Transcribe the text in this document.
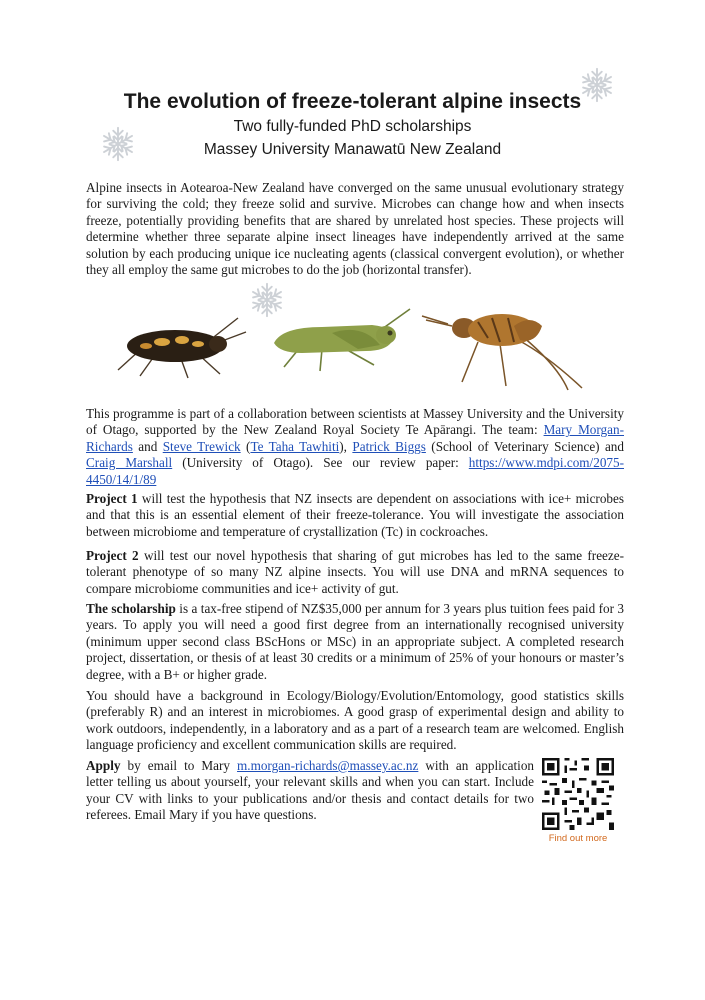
The evolution of freeze-tolerant alpine insects
Two fully-funded PhD scholarships
Massey University Manawatū New Zealand

Alpine insects in Aotearoa-New Zealand have converged on the same unusual evolutionary strategy for surviving the cold; they freeze solid and survive. Microbes can change how and when insects freeze, potentially providing benefits that are shared by unrelated host species. These projects will determine whether three separate alpine insect lineages have independently arrived at the same solution by each producing unique ice nucleating agents (classical convergent evolution), or whether they all employ the same gut microbes to do the job (horizontal transfer).

This programme is part of a collaboration between scientists at Massey University and the University of Otago, supported by the New Zealand Royal Society Te Apārangi. The team: Mary Morgan-Richards and Steve Trewick (Te Taha Tawhiti), Patrick Biggs (School of Veterinary Science) and Craig Marshall (University of Otago). See our review paper: https://www.mdpi.com/2075-4450/14/1/89

Project 1 will test the hypothesis that NZ insects are dependent on associations with ice+ microbes and that this is an essential element of their freeze-tolerance. You will investigate the association between microbiome and temperature of crystallization (Tc) in cockroaches.

Project 2 will test our novel hypothesis that sharing of gut microbes has led to the same freeze-tolerant phenotype of so many NZ alpine insects. You will use DNA and mRNA sequences to compare microbiome communities and ice+ activity of gut.

The scholarship is a tax-free stipend of NZ$35,000 per annum for 3 years plus tuition fees paid for 3 years. To apply you will need a good first degree from an internationally recognised university (minimum upper second class BScHons or MSc) in an appropriate subject. A completed research project, dissertation, or thesis of at least 30 credits or a minimum of 25% of your honours or master’s degree, with a B+ or higher grade.

You should have a background in Ecology/Biology/Evolution/Entomology, good statistics skills (preferably R) and an interest in microbiomes. A good grasp of experimental design and ability to work outdoors, independently, in a laboratory and as a part of a research team are welcomed. English language proficiency and excellent communication skills are required.

Apply by email to Mary m.morgan-richards@massey.ac.nz with an application letter telling us about yourself, your relevant skills and when you can start. Include your CV with links to your publications and/or thesis and contact details for two referees. Email Mary if you have questions.

Find out more
